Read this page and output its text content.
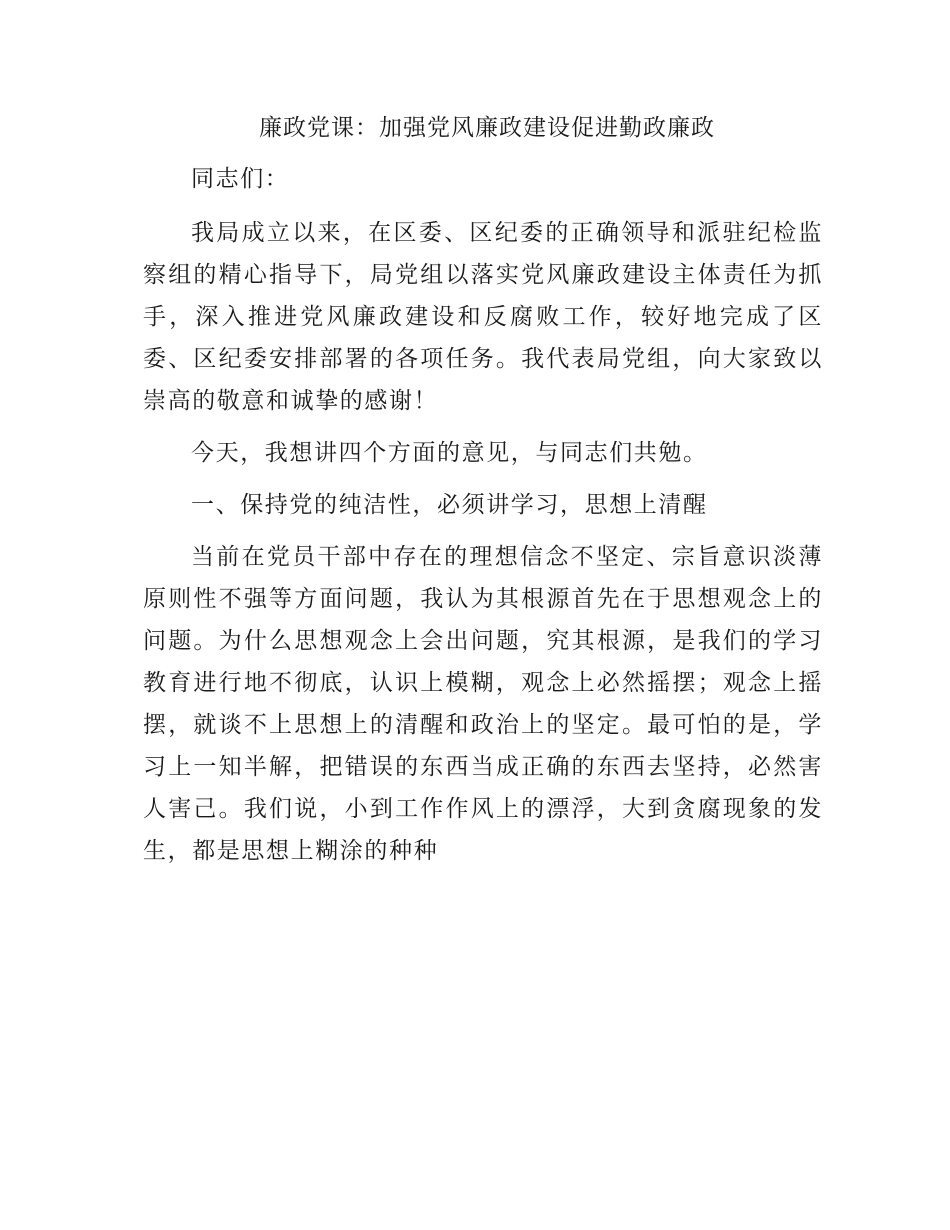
廉政党课：加强党风廉政建设促进勤政廉政

同志们：

我局成立以来，在区委、区纪委的正确领导和派驻纪检监察组的精心指导下，局党组以落实党风廉政建设主体责任为抓手，深入推进党风廉政建设和反腐败工作，较好地完成了区委、区纪委安排部署的各项任务。我代表局党组，向大家致以崇高的敬意和诚挚的感谢！

今天，我想讲四个方面的意见，与同志们共勉。

一、保持党的纯洁性，必须讲学习，思想上清醒

当前在党员干部中存在的理想信念不坚定、宗旨意识淡薄原则性不强等方面问题，我认为其根源首先在于思想观念上的问题。为什么思想观念上会出问题，究其根源，是我们的学习教育进行地不彻底，认识上模糊，观念上必然摇摆；观念上摇摆，就谈不上思想上的清醒和政治上的坚定。最可怕的是，学习上一知半解，把错误的东西当成正确的东西去坚持，必然害人害己。我们说，小到工作作风上的漂浮，大到贪腐现象的发生，都是思想上糊涂的种种
